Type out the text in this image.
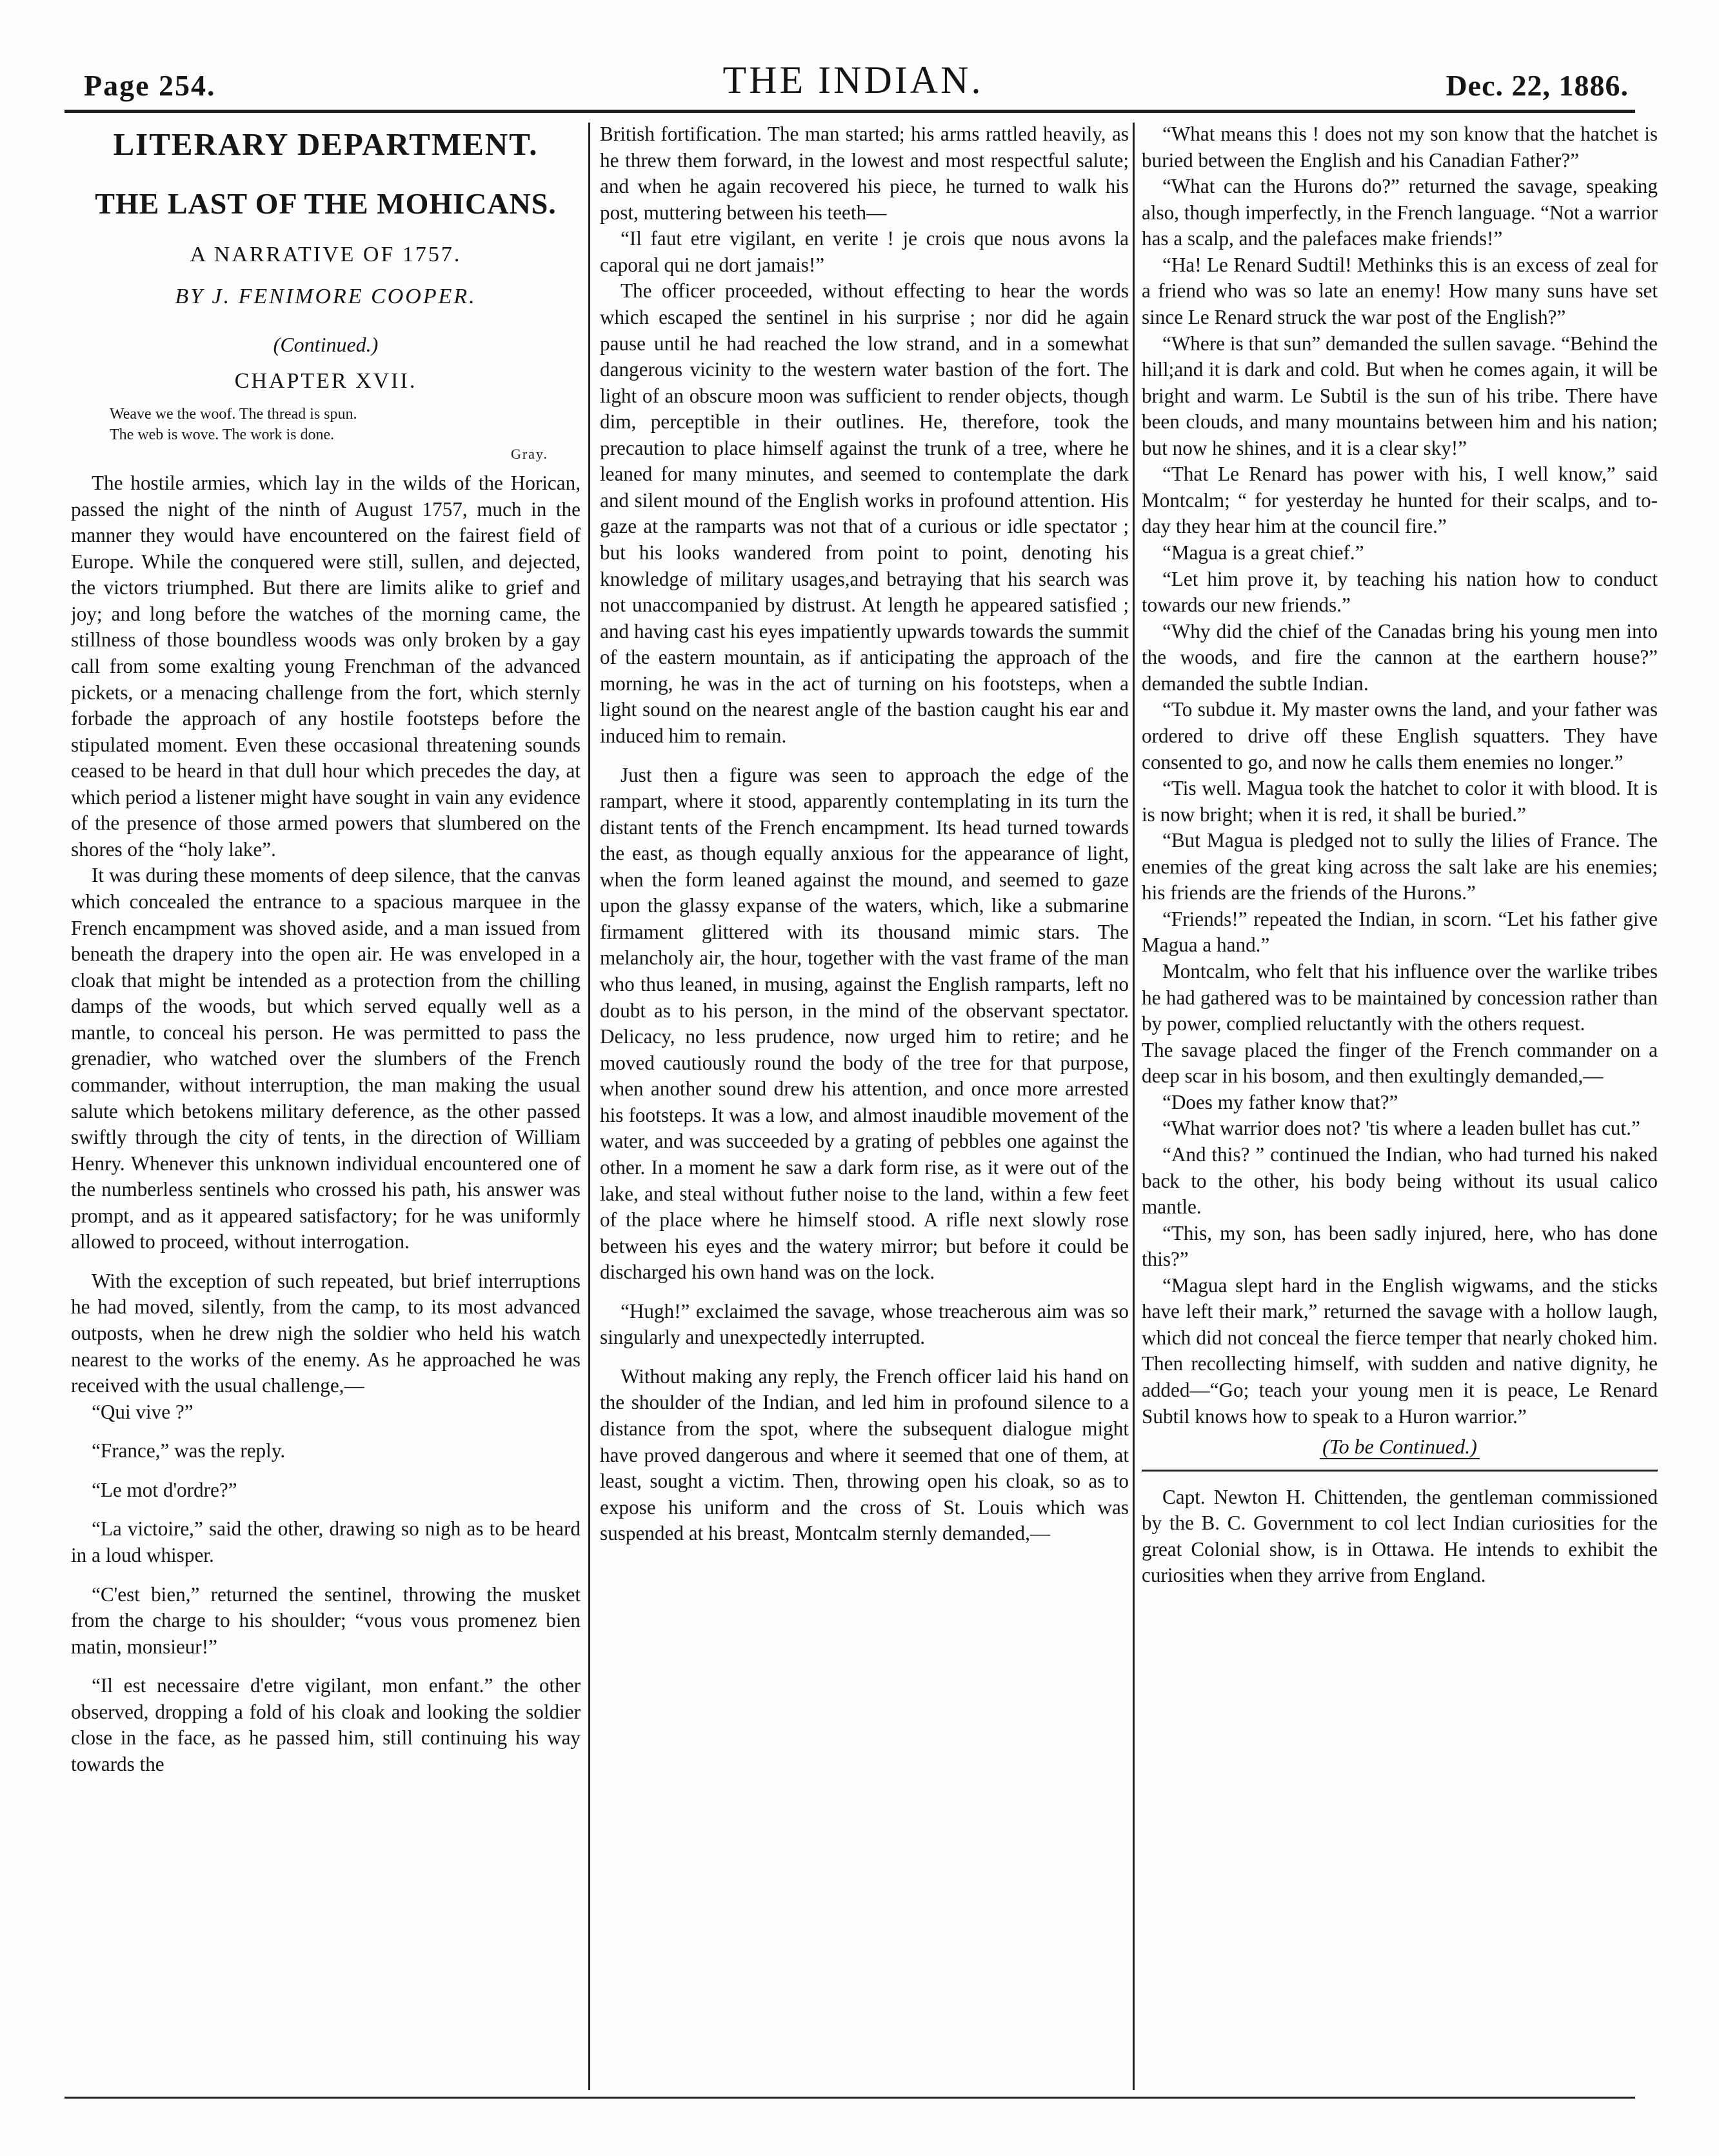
Page 254.	THE INDIAN.	Dec. 22, 1886.
LITERARY DEPARTMENT.
THE LAST OF THE MOHICANS.
A NARRATIVE OF 1757.
BY J. FENIMORE COOPER.
(Continued.)
CHAPTER XVII.
Weave we the woof. The thread is spun.
The web is wove. The work is done.
Gray.

The hostile armies, which lay in the wilds of the Horican, passed the night of the ninth of August 1757, much in the manner they would have encountered on the fairest field of Europe. While the conquered were still, sullen, and dejected, the victors triumphed. But there are limits alike to grief and joy; and long before the watches of the morning came, the stillness of those boundless woods was only broken by a gay call from some exalting young Frenchman of the advanced pickets, or a menacing challenge from the fort, which sternly forbade the approach of any hostile footsteps before the stipulated moment. Even these occasional threatening sounds ceased to be heard in that dull hour which precedes the day, at which period a listener might have sought in vain any evidence of the presence of those armed powers that slumbered on the shores of the “holy lake”.

It was during these moments of deep silence, that the canvas which concealed the entrance to a spacious marquee in the French encampment was shoved aside, and a man issued from beneath the drapery into the open air. He was enveloped in a cloak that might be intended as a protection from the chilling damps of the woods, but which served equally well as a mantle, to conceal his person. He was permitted to pass the grenadier, who watched over the slumbers of the French commander, without interruption, the man making the usual salute which betokens military deference, as the other passed swiftly through the city of tents, in the direction of William Henry. Whenever this unknown individual encountered one of the numberless sentinels who crossed his path, his answer was prompt, and as it appeared satisfactory; for he was uniformly allowed to proceed, without interrogation.

With the exception of such repeated, but brief interruptions he had moved, silently, from the camp, to its most advanced outposts, when he drew nigh the soldier who held his watch nearest to the works of the enemy. As he approached he was received with the usual challenge,—

“Qui vive ?”

“France,” was the reply.

“Le mot d'ordre?”

“La victoire,” said the other, drawing so nigh as to be heard in a loud whisper.

“C'est bien,” returned the sentinel, throwing the musket from the charge to his shoulder; “vous vous promenez bien matin, monsieur!”

“Il est necessaire d'etre vigilant, mon enfant.” the other observed, dropping a fold of his cloak and looking the soldier close in the face, as he passed him, still continuing his way towards the

British fortification. The man started; his arms rattled heavily, as he threw them forward, in the lowest and most respectful salute; and when he again recovered his piece, he turned to walk his post, muttering between his teeth—

“Il faut etre vigilant, en verite ! je crois que nous avons la caporal qui ne dort jamais!”

The officer proceeded, without effecting to hear the words which escaped the sentinel in his surprise ; nor did he again pause until he had reached the low strand, and in a somewhat dangerous vicinity to the western water bastion of the fort. The light of an obscure moon was sufficient to render objects, though dim, perceptible in their outlines. He, therefore, took the precaution to place himself against the trunk of a tree, where he leaned for many minutes, and seemed to contemplate the dark and silent mound of the English works in profound attention. His gaze at the ramparts was not that of a curious or idle spectator ; but his looks wandered from point to point, denoting his knowledge of military usages,and betraying that his search was not unaccompanied by distrust. At length he appeared satisfied ; and having cast his eyes impatiently upwards towards the summit of the eastern mountain, as if anticipating the approach of the morning, he was in the act of turning on his footsteps, when a light sound on the nearest angle of the bastion caught his ear and induced him to remain.

Just then a figure was seen to approach the edge of the rampart, where it stood, apparently contemplating in its turn the distant tents of the French encampment. Its head turned towards the east, as though equally anxious for the appearance of light, when the form leaned against the mound, and seemed to gaze upon the glassy expanse of the waters, which, like a submarine firmament glittered with its thousand mimic stars. The melancholy air, the hour, together with the vast frame of the man who thus leaned, in musing, against the English ramparts, left no doubt as to his person, in the mind of the observant spectator. Delicacy, no less prudence, now urged him to retire; and he moved cautiously round the body of the tree for that purpose, when another sound drew his attention, and once more arrested his footsteps. It was a low, and almost inaudible movement of the water, and was succeeded by a grating of pebbles one against the other. In a moment he saw a dark form rise, as it were out of the lake, and steal without futher noise to the land, within a few feet of the place where he himself stood. A rifle next slowly rose between his eyes and the watery mirror; but before it could be discharged his own hand was on the lock.

“Hugh!” exclaimed the savage, whose treacherous aim was so singularly and unexpectedly interrupted.

Without making any reply, the French officer laid his hand on the shoulder of the Indian, and led him in profound silence to a distance from the spot, where the subsequent dialogue might have proved dangerous and where it seemed that one of them, at least, sought a victim. Then, throwing open his cloak, so as to expose his uniform and the cross of St. Louis which was suspended at his breast, Montcalm sternly demanded,—

“What means this ! does not my son know that the hatchet is buried between the English and his Canadian Father?”

“What can the Hurons do?” returned the savage, speaking also, though imperfectly, in the French language. “Not a warrior has a scalp, and the palefaces make friends!”

“Ha! Le Renard Sudtil! Methinks this is an excess of zeal for a friend who was so late an enemy! How many suns have set since Le Renard struck the war post of the English?”

“Where is that sun” demanded the sullen savage. “Behind the hill;and it is dark and cold. But when he comes again, it will be bright and warm. Le Subtil is the sun of his tribe. There have been clouds, and many mountains between him and his nation; but now he shines, and it is a clear sky!”

“That Le Renard has power with his, I well know,” said Montcalm; “ for yesterday he hunted for their scalps, and to-day they hear him at the council fire.”

“Magua is a great chief.”

“Let him prove it, by teaching his nation how to conduct towards our new friends.”

“Why did the chief of the Canadas bring his young men into the woods, and fire the cannon at the earthern house?” demanded the subtle Indian.

“To subdue it. My master owns the land, and your father was ordered to drive off these English squatters. They have consented to go, and now he calls them enemies no longer.”

“Tis well. Magua took the hatchet to color it with blood. It is is now bright; when it is red, it shall be buried.”

“But Magua is pledged not to sully the lilies of France. The enemies of the great king across the salt lake are his enemies; his friends are the friends of the Hurons.”

“Friends!” repeated the Indian, in scorn. “Let his father give Magua a hand.”

Montcalm, who felt that his influence over the warlike tribes he had gathered was to be maintained by concession rather than by power, complied reluctantly with the others request.

The savage placed the finger of the French commander on a deep scar in his bosom, and then exultingly demanded,—

“Does my father know that?”

“What warrior does not? 'tis where a leaden bullet has cut.”

“And this? ” continued the Indian, who had turned his naked back to the other, his body being without its usual calico mantle.

“This, my son, has been sadly injured, here, who has done this?”

“Magua slept hard in the English wigwams, and the sticks have left their mark,” returned the savage with a hollow laugh, which did not conceal the fierce temper that nearly choked him. Then recollecting himself, with sudden and native dignity, he added—“Go; teach your young men it is peace, Le Renard Subtil knows how to speak to a Huron warrior.”

(To be Continued.)

Capt. Newton H. Chittenden, the gentleman commissioned by the B. C. Government to col lect Indian curiosities for the great Colonial show, is in Ottawa. He intends to exhibit the curiosities when they arrive from England.
